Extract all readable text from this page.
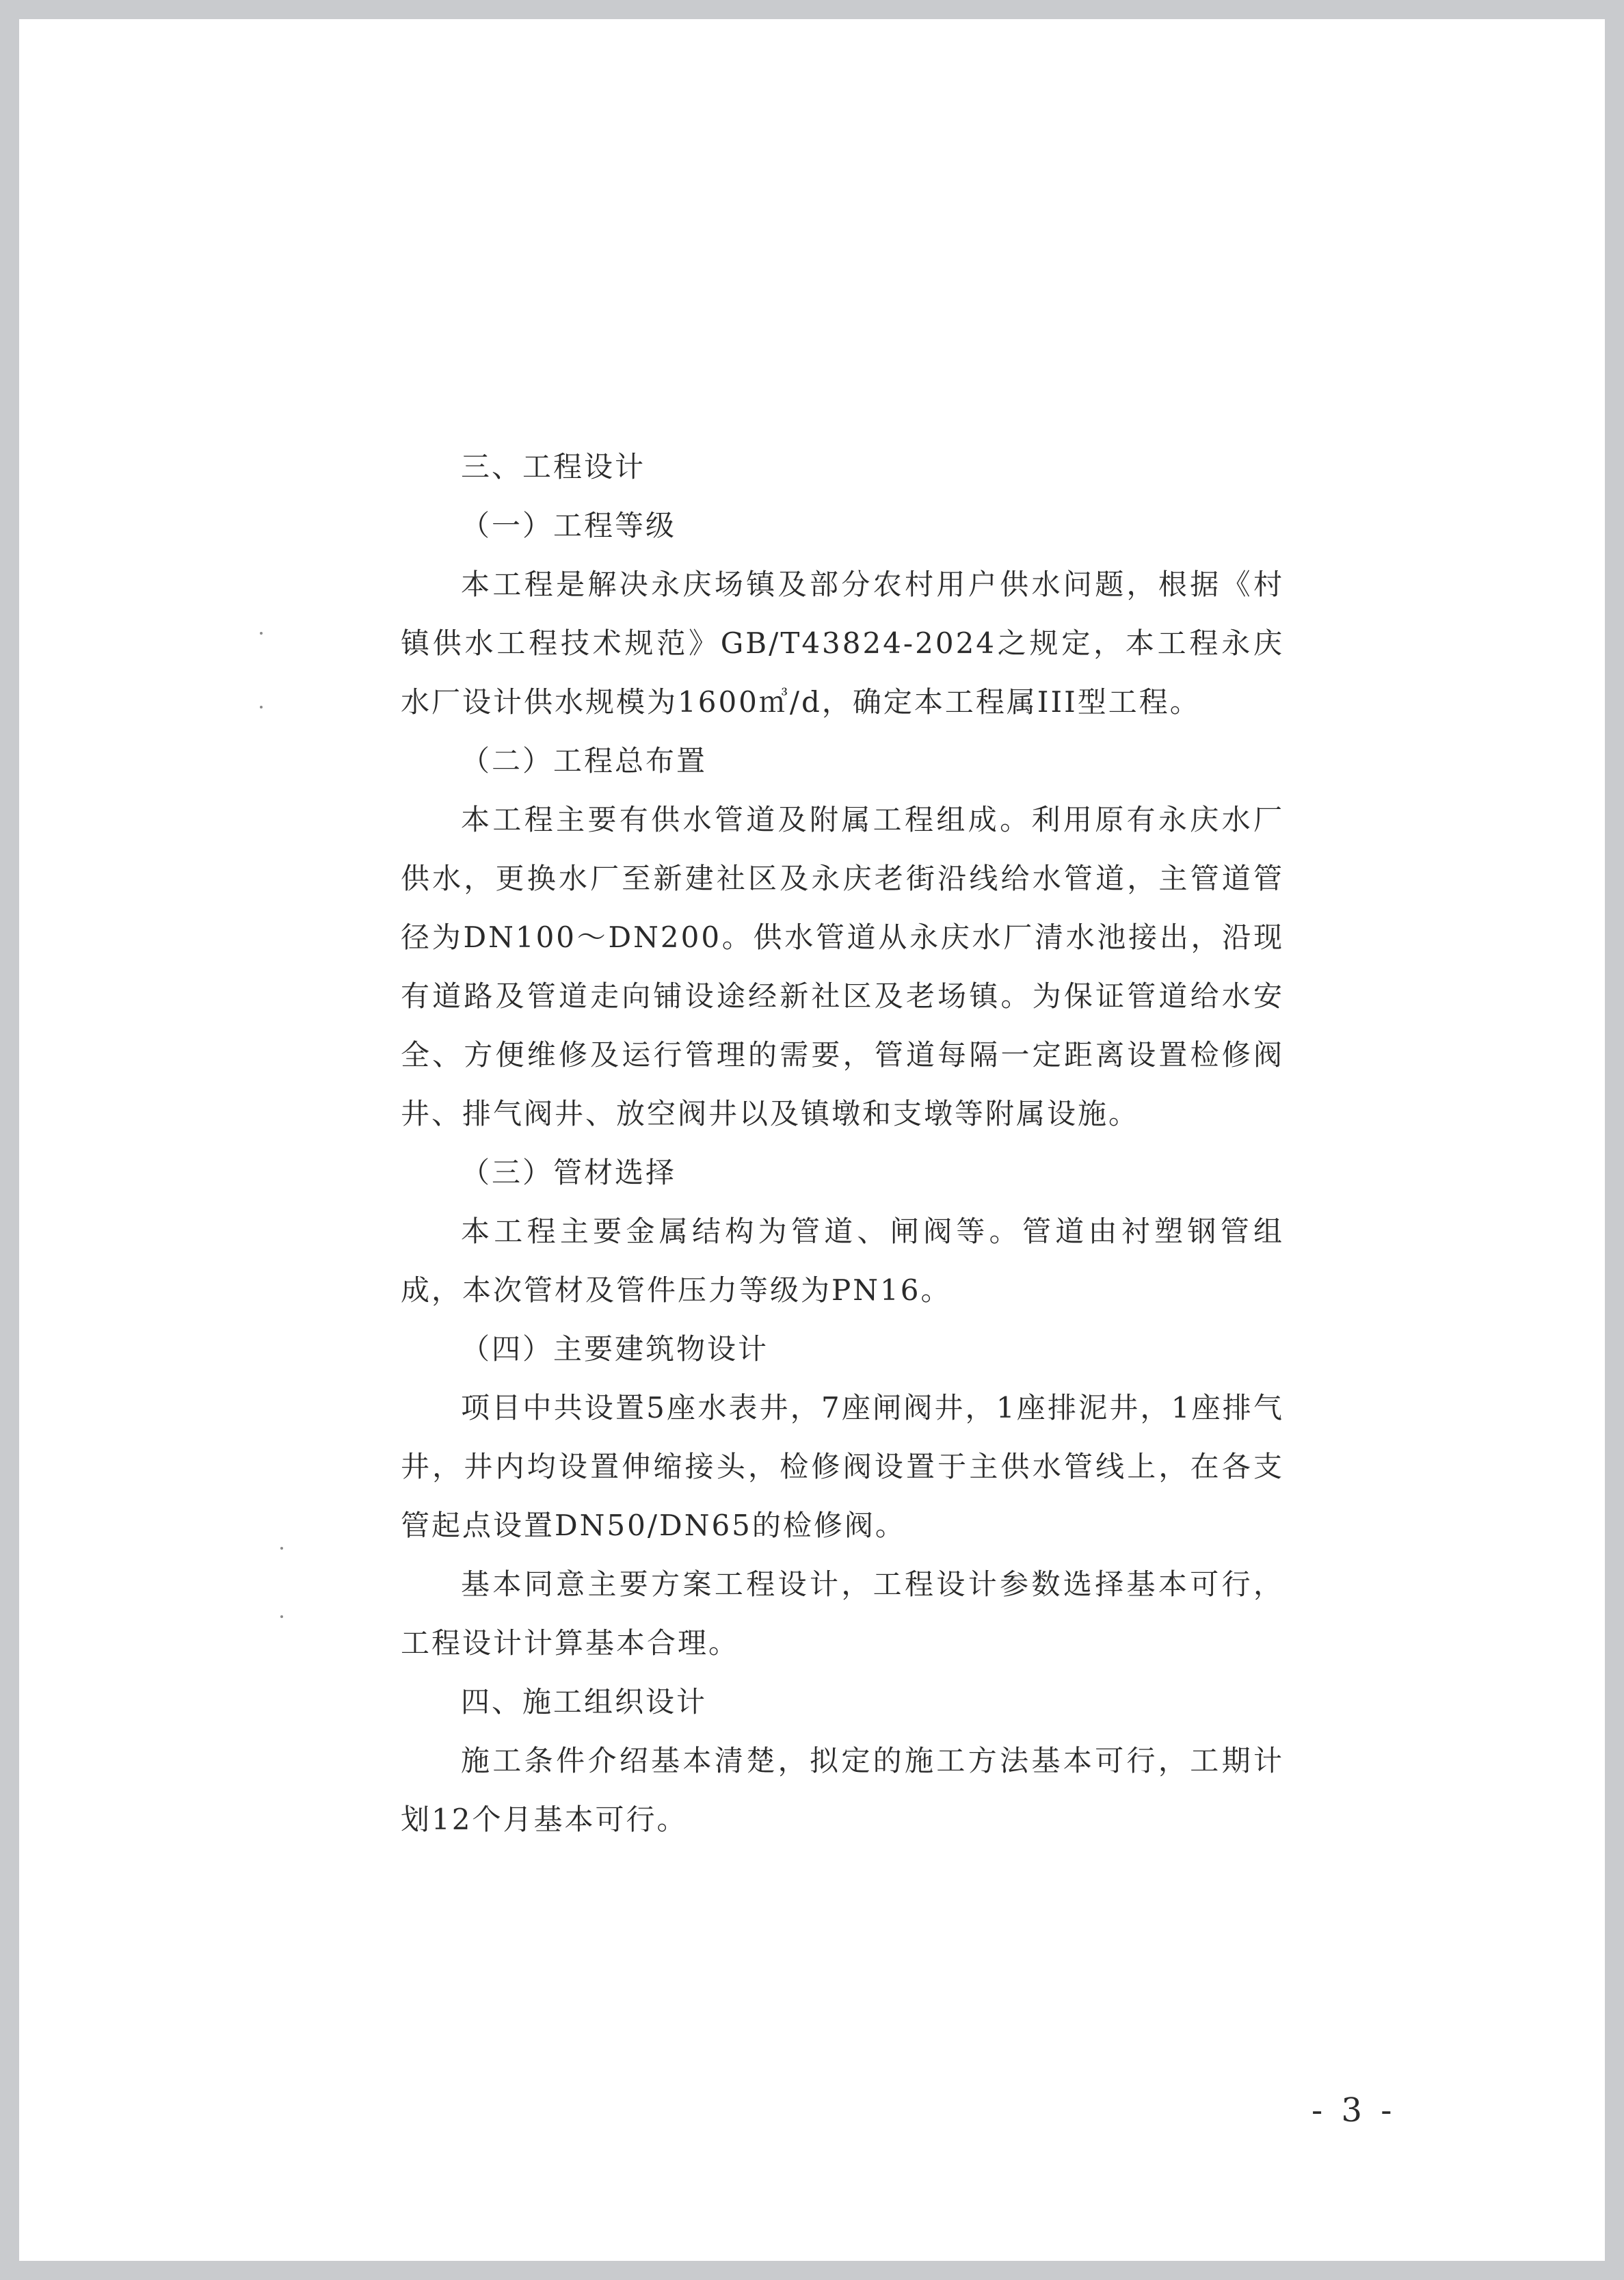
三、工程设计

（一）工程等级

本工程是解决永庆场镇及部分农村用户供水问题，根据《村镇供水工程技术规范》GB/T43824-2024之规定，本工程永庆水厂设计供水规模为1600㎥/d，确定本工程属III型工程。

（二）工程总布置

本工程主要有供水管道及附属工程组成。利用原有永庆水厂供水，更换水厂至新建社区及永庆老街沿线给水管道，主管道管径为DN100～DN200。供水管道从永庆水厂清水池接出，沿现有道路及管道走向铺设途经新社区及老场镇。为保证管道给水安全、方便维修及运行管理的需要，管道每隔一定距离设置检修阀井、排气阀井、放空阀井以及镇墩和支墩等附属设施。

（三）管材选择

本工程主要金属结构为管道、闸阀等。管道由衬塑钢管组成，本次管材及管件压力等级为PN16。

（四）主要建筑物设计

项目中共设置5座水表井，7座闸阀井，1座排泥井，1座排气井，井内均设置伸缩接头，检修阀设置于主供水管线上，在各支管起点设置DN50/DN65的检修阀。

基本同意主要方案工程设计，工程设计参数选择基本可行，工程设计计算基本合理。

四、施工组织设计

施工条件介绍基本清楚，拟定的施工方法基本可行，工期计划12个月基本可行。

- 3 -
